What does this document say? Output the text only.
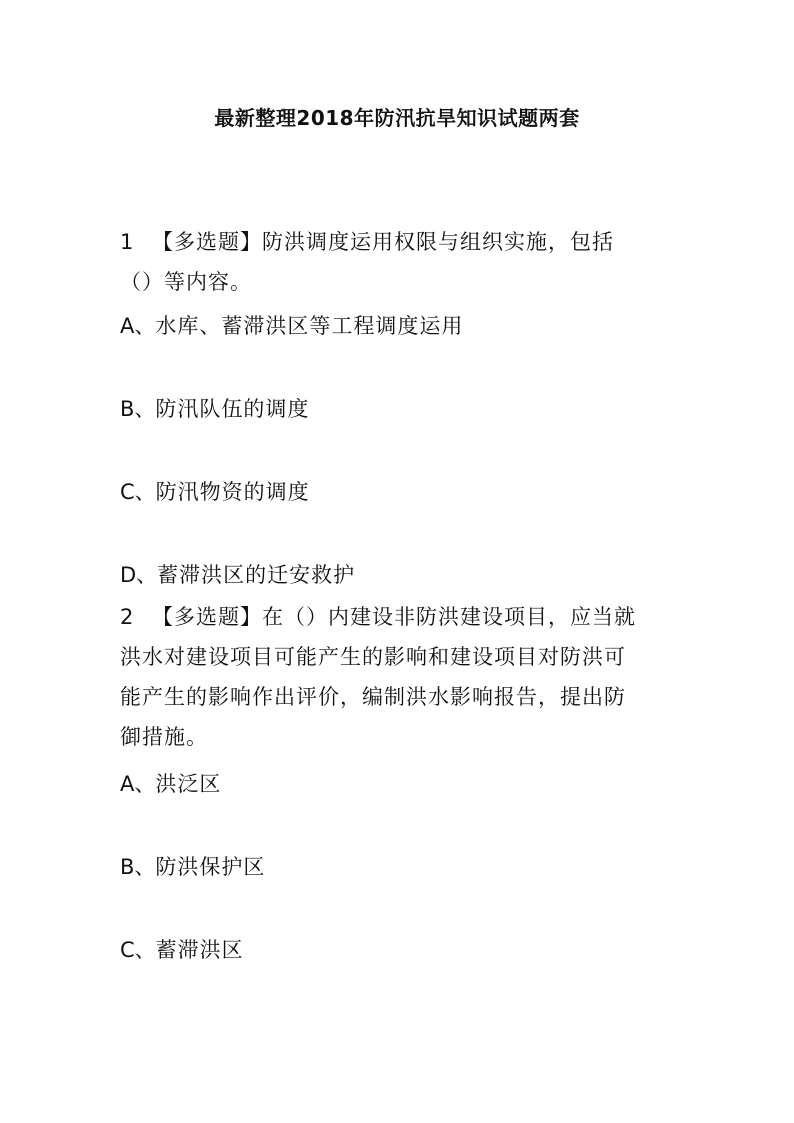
最新整理2018年防汛抗旱知识试题两套
1 【多选题】防洪调度运用权限与组织实施，包括
（）等内容。
A、水库、蓄滞洪区等工程调度运用
B、防汛队伍的调度
C、防汛物资的调度
D、蓄滞洪区的迁安救护
2 【多选题】在（）内建设非防洪建设项目，应当就
洪水对建设项目可能产生的影响和建设项目对防洪可
能产生的影响作出评价，编制洪水影响报告，提出防
御措施。
A、洪泛区
B、防洪保护区
C、蓄滞洪区
